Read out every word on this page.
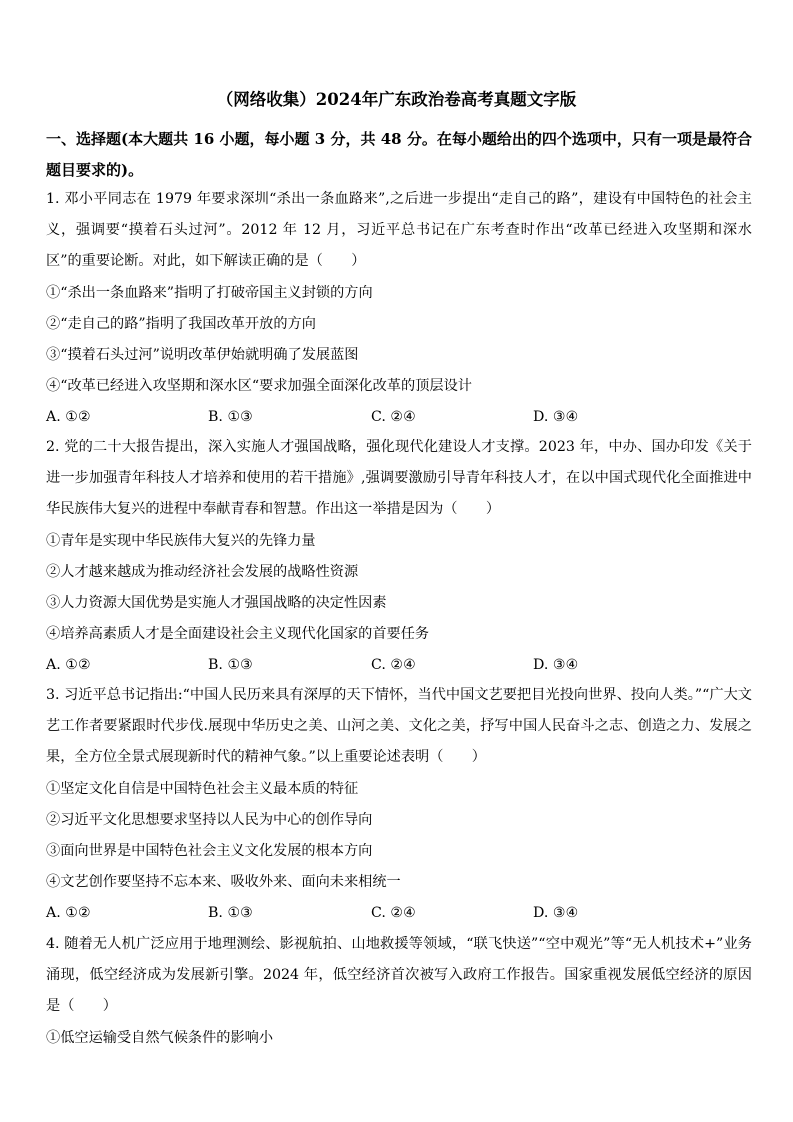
（网络收集）2024年广东政治卷高考真题文字版
一、选择题(本大题共 16 小题，每小题 3 分，共 48 分。在每小题给出的四个选项中，只有一项是最符合题目要求的)。

1. 邓小平同志在 1979 年要求深圳“杀出一条血路来”,之后进一步提出“走自己的路”，建设有中国特色的社会主义，强调要“摸着石头过河”。2012 年 12 月，习近平总书记在广东考查时作出“改革已经进入攻坚期和深水区”的重要论断。对此，如下解读正确的是（　　）

①“杀出一条血路来”指明了打破帝国主义封锁的方向

②“走自己的路”指明了我国改革开放的方向

③“摸着石头过河”说明改革伊始就明确了发展蓝图

④“改革已经进入攻坚期和深水区“要求加强全面深化改革的顶层设计

A. ①②	B. ①③	C. ②④	D. ③④

2. 党的二十大报告提出，深入实施人才强国战略，强化现代化建设人才支撑。2023 年，中办、国办印发《关于进一步加强青年科技人才培养和使用的若干措施》,强调要激励引导青年科技人才，在以中国式现代化全面推进中华民族伟大复兴的进程中奉献青春和智慧。作出这一举措是因为（　　）

①青年是实现中华民族伟大复兴的先锋力量

②人才越来越成为推动经济社会发展的战略性资源

③人力资源大国优势是实施人才强国战略的决定性因素

④培养高素质人才是全面建设社会主义现代化国家的首要任务

A. ①②	B. ①③	C. ②④	D. ③④

3. 习近平总书记指出:“中国人民历来具有深厚的天下情怀，当代中国文艺要把目光投向世界、投向人类。”“广大文艺工作者要紧跟时代步伐.展现中华历史之美、山河之美、文化之美，抒写中国人民奋斗之志、创造之力、发展之果，全方位全景式展现新时代的精神气象。”以上重要论述表明（　　）

①坚定文化自信是中国特色社会主义最本质的特征

②习近平文化思想要求坚持以人民为中心的创作导向

③面向世界是中国特色社会主义文化发展的根本方向

④文艺创作要坚持不忘本来、吸收外来、面向未来相统一

A. ①②	B. ①③	C. ②④	D. ③④

4. 随着无人机广泛应用于地理测绘、影视航拍、山地救援等领域，“联飞快送”“空中观光”等“无人机技术+”业务涌现，低空经济成为发展新引擎。2024 年，低空经济首次被写入政府工作报告。国家重视发展低空经济的原因是（　　）

①低空运输受自然气候条件的影响小
